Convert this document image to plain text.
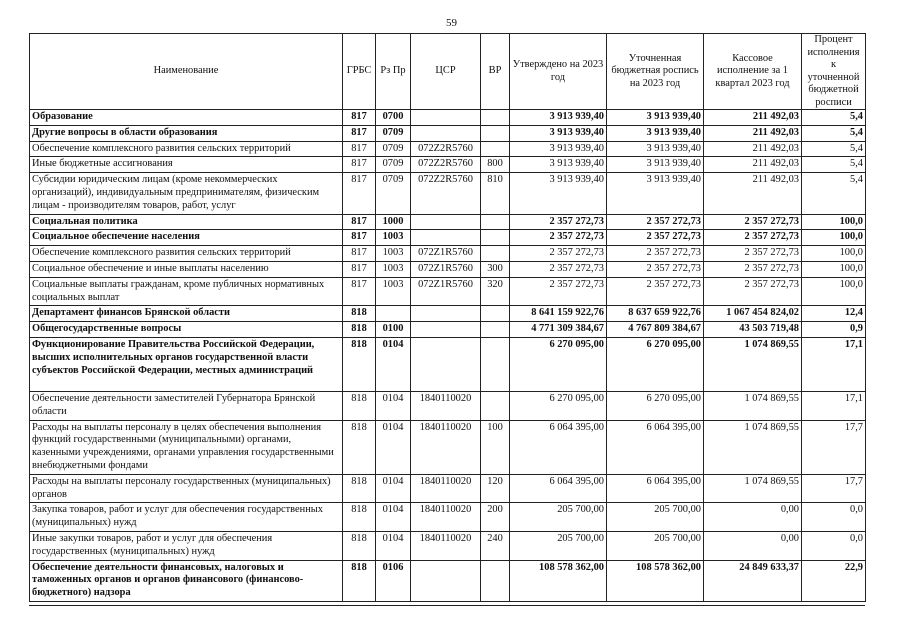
59
Наименование	ГРБС	Рз Пр	ЦСР	ВР	Утверждено на 2023 год	Уточненная бюджетная роспись на 2023 год	Кассовое исполнение за 1 квартал 2023 год	Процент исполнения к уточненной бюджетной росписи
Образование	817	0700			3 913 939,40	3 913 939,40	211 492,03	5,4
Другие вопросы в области образования	817	0709			3 913 939,40	3 913 939,40	211 492,03	5,4
Обеспечение комплексного развития сельских территорий	817	0709	072Z2R5760		3 913 939,40	3 913 939,40	211 492,03	5,4
Иные бюджетные ассигнования	817	0709	072Z2R5760	800	3 913 939,40	3 913 939,40	211 492,03	5,4
Субсидии юридическим лицам (кроме некоммерческих организаций), индивидуальным предпринимателям, физическим лицам - производителям товаров, работ, услуг	817	0709	072Z2R5760	810	3 913 939,40	3 913 939,40	211 492,03	5,4
Социальная политика	817	1000			2 357 272,73	2 357 272,73	2 357 272,73	100,0
Социальное обеспечение населения	817	1003			2 357 272,73	2 357 272,73	2 357 272,73	100,0
Обеспечение комплексного развития сельских территорий	817	1003	072Z1R5760		2 357 272,73	2 357 272,73	2 357 272,73	100,0
Социальное обеспечение и иные выплаты населению	817	1003	072Z1R5760	300	2 357 272,73	2 357 272,73	2 357 272,73	100,0
Социальные выплаты гражданам, кроме публичных нормативных социальных выплат	817	1003	072Z1R5760	320	2 357 272,73	2 357 272,73	2 357 272,73	100,0
Департамент финансов Брянской области	818				8 641 159 922,76	8 637 659 922,76	1 067 454 824,02	12,4
Общегосударственные вопросы	818	0100			4 771 309 384,67	4 767 809 384,67	43 503 719,48	0,9
Функционирование Правительства Российской Федерации, высших исполнительных органов государственной власти субъектов Российской Федерации, местных администраций	818	0104			6 270 095,00	6 270 095,00	1 074 869,55	17,1
Обеспечение деятельности заместителей Губернатора Брянской области	818	0104	1840110020		6 270 095,00	6 270 095,00	1 074 869,55	17,1
Расходы на выплаты персоналу в целях обеспечения выполнения функций государственными (муниципальными) органами, казенными учреждениями, органами управления государственными внебюджетными фондами	818	0104	1840110020	100	6 064 395,00	6 064 395,00	1 074 869,55	17,7
Расходы на выплаты персоналу государственных (муниципальных) органов	818	0104	1840110020	120	6 064 395,00	6 064 395,00	1 074 869,55	17,7
Закупка товаров, работ и услуг для обеспечения государственных (муниципальных) нужд	818	0104	1840110020	200	205 700,00	205 700,00	0,00	0,0
Иные закупки товаров, работ и услуг для обеспечения государственных (муниципальных) нужд	818	0104	1840110020	240	205 700,00	205 700,00	0,00	0,0
Обеспечение деятельности финансовых, налоговых и таможенных органов и органов финансового (финансово-бюджетного) надзора	818	0106			108 578 362,00	108 578 362,00	24 849 633,37	22,9
